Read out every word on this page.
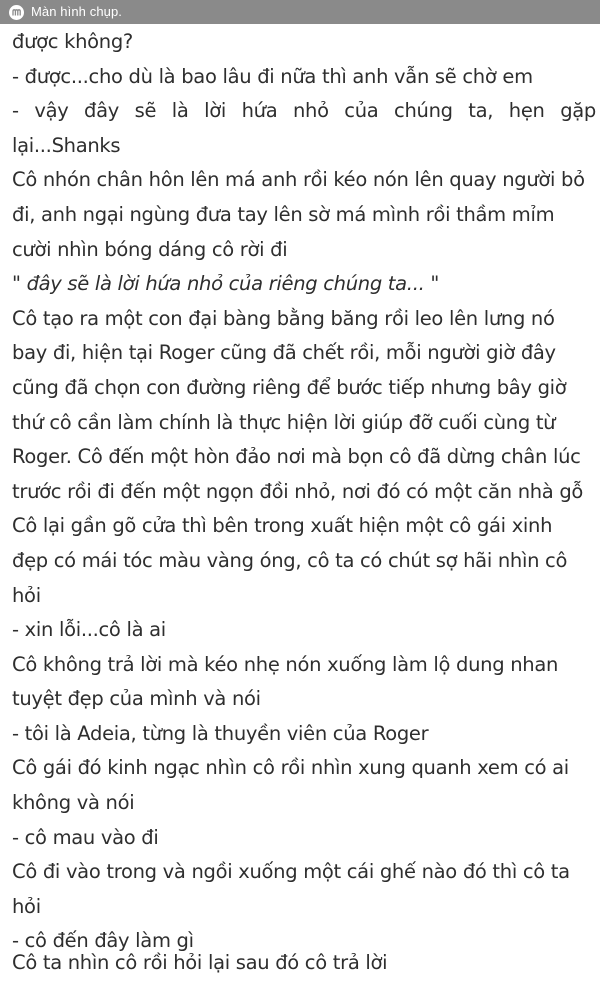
Màn hình chụp.
được không?
- được...cho dù là bao lâu đi nữa thì anh vẫn sẽ chờ em
- vậy đây sẽ là lời hứa nhỏ của chúng ta, hẹn gặp
lại...Shanks
Cô nhón chân hôn lên má anh rồi kéo nón lên quay người bỏ
đi, anh ngại ngùng đưa tay lên sờ má mình rồi thầm mỉm
cười nhìn bóng dáng cô rời đi
" đây sẽ là lời hứa nhỏ của riêng chúng ta... "
Cô tạo ra một con đại bàng bằng băng rồi leo lên lưng nó
bay đi, hiện tại Roger cũng đã chết rồi, mỗi người giờ đây
cũng đã chọn con đường riêng để bước tiếp nhưng bây giờ
thứ cô cần làm chính là thực hiện lời giúp đỡ cuối cùng từ
Roger. Cô đến một hòn đảo nơi mà bọn cô đã dừng chân lúc
trước rồi đi đến một ngọn đồi nhỏ, nơi đó có một căn nhà gỗ
Cô lại gần gõ cửa thì bên trong xuất hiện một cô gái xinh
đẹp có mái tóc màu vàng óng, cô ta có chút sợ hãi nhìn cô
hỏi
- xin lỗi...cô là ai
Cô không trả lời mà kéo nhẹ nón xuống làm lộ dung nhan
tuyệt đẹp của mình và nói
- tôi là Adeia, từng là thuyền viên của Roger
Cô gái đó kinh ngạc nhìn cô rồi nhìn xung quanh xem có ai
không và nói
- cô mau vào đi
Cô đi vào trong và ngồi xuống một cái ghế nào đó thì cô ta
hỏi
- cô đến đây làm gì
Cô ta nhìn cô rồi hỏi lại sau đó cô trả lời
